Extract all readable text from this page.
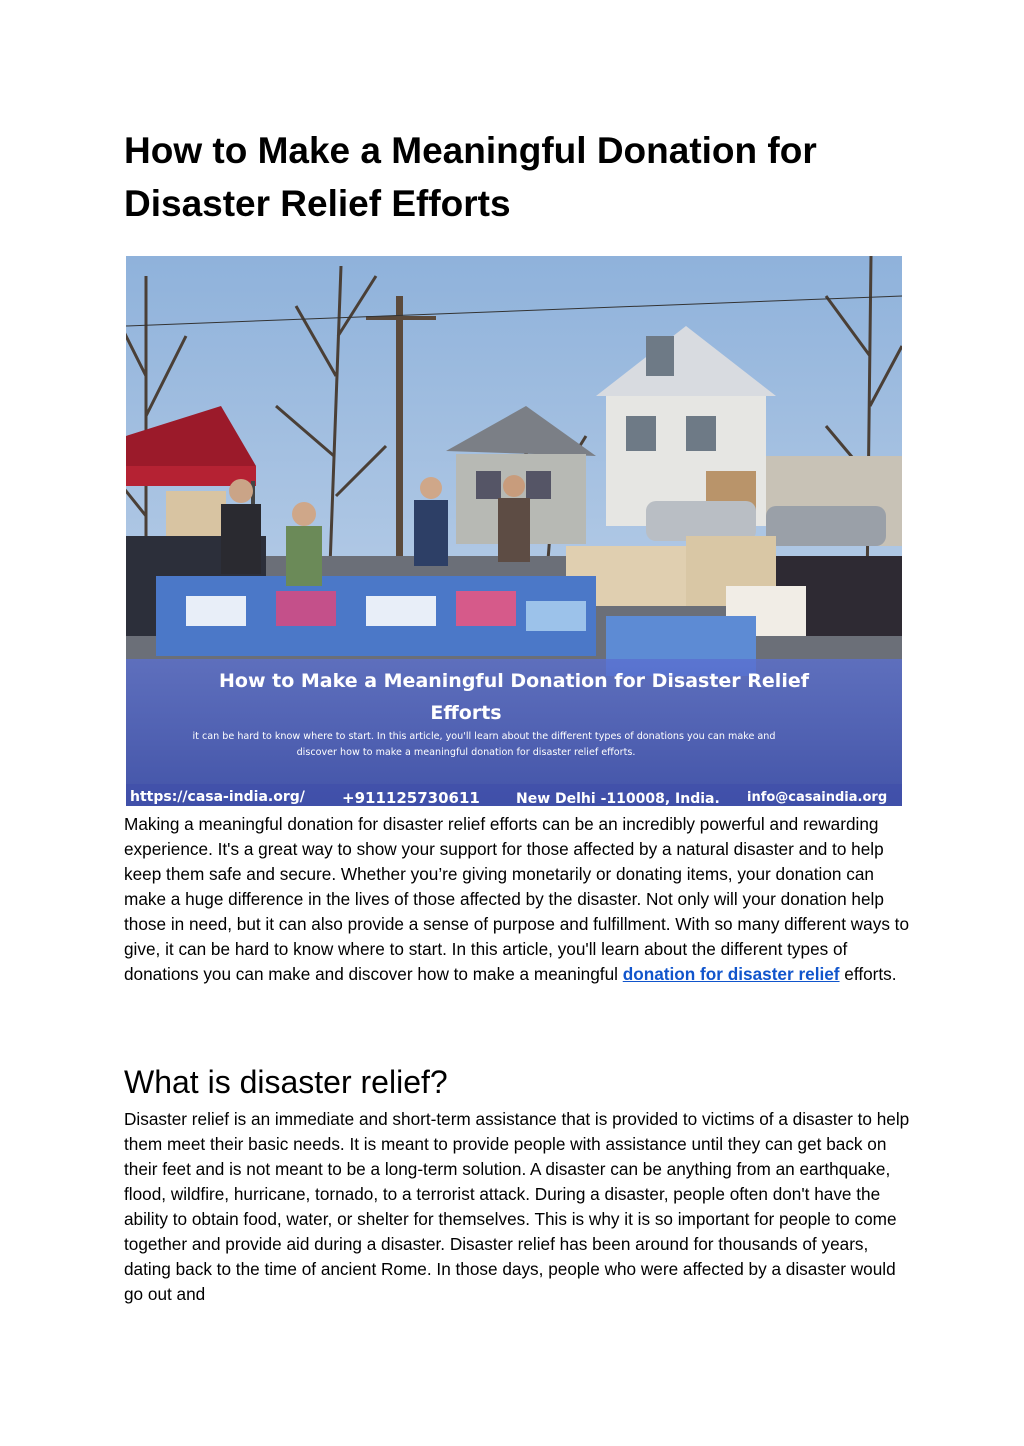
How to Make a Meaningful Donation for Disaster Relief Efforts
How to Make a Meaningful Donation for Disaster Relief
Efforts
it can be hard to know where to start. In this article, you'll learn about the different types of donations you can make and
discover how to make a meaningful donation for disaster relief efforts.
https://casa-india.org/ +911125730611	New Delhi -110008, India. info@casaindia.org

Making a meaningful donation for disaster relief efforts can be an incredibly powerful and rewarding experience. It's a great way to show your support for those affected by a natural disaster and to help keep them safe and secure. Whether you’re giving monetarily or donating items, your donation can make a huge difference in the lives of those affected by the disaster. Not only will your donation help those in need, but it can also provide a sense of purpose and fulfillment. With so many different ways to give, it can be hard to know where to start. In this article, you'll learn about the different types of donations you can make and discover how to make a meaningful donation for disaster relief efforts.

What is disaster relief?

Disaster relief is an immediate and short-term assistance that is provided to victims of a disaster to help them meet their basic needs. It is meant to provide people with assistance until they can get back on their feet and is not meant to be a long-term solution. A disaster can be anything from an earthquake, flood, wildfire, hurricane, tornado, to a terrorist attack. During a disaster, people often don't have the ability to obtain food, water, or shelter for themselves. This is why it is so important for people to come together and provide aid during a disaster. Disaster relief has been around for thousands of years, dating back to the time of ancient Rome. In those days, people who were affected by a disaster would go out and
